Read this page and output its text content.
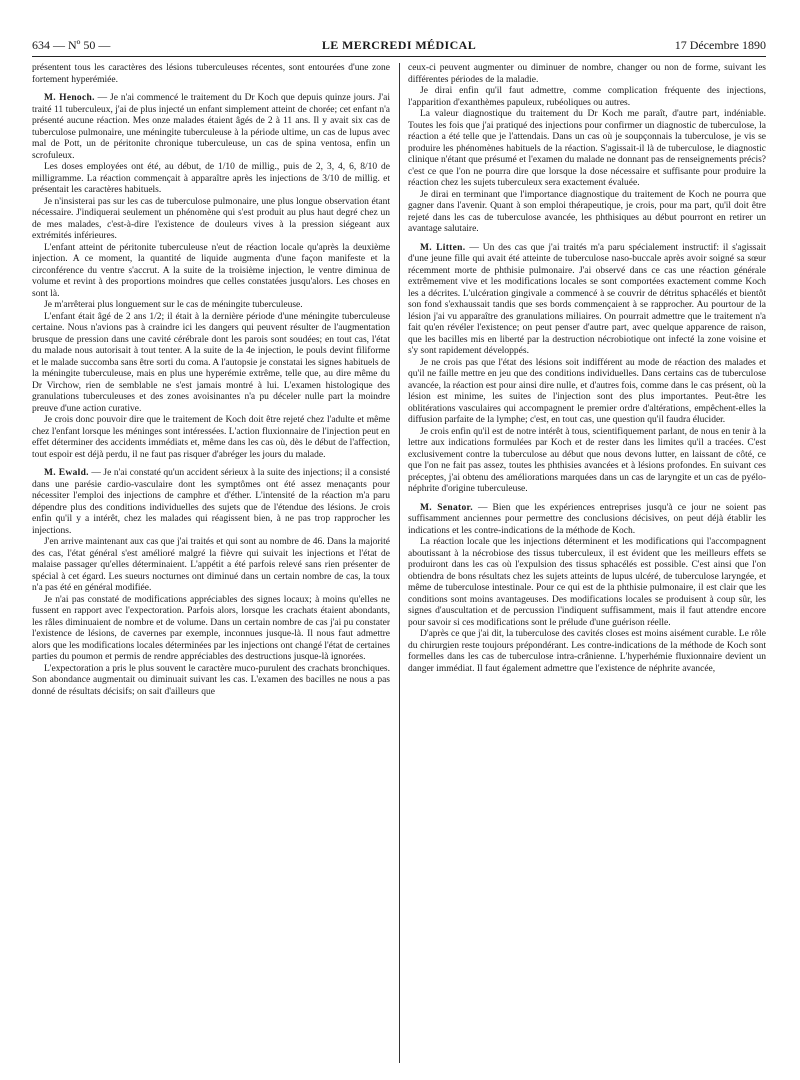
634 — Nº 50 —	LE MERCREDI MÉDICAL	17 Décembre 1890

présentent tous les caractères des lésions tuberculeuses récentes, sont entourées d'une zone fortement hyperémiée.

M. Henoch. — Je n'ai commencé le traitement du Dr Koch que depuis quinze jours. J'ai traité 11 tuberculeux, j'ai de plus injecté un enfant simplement atteint de chorée; cet enfant n'a présenté aucune réaction. Mes onze malades étaient âgés de 2 à 11 ans. Il y avait six cas de tuberculose pulmonaire, une méningite tuberculeuse à la période ultime, un cas de lupus avec mal de Pott, un de péritonite chronique tuberculeuse, un cas de spina ventosa, enfin un scrofuleux.

Les doses employées ont été, au début, de 1/10 de millig., puis de 2, 3, 4, 6, 8/10 de milligramme. La réaction commençait à apparaître après les injections de 3/10 de millig. et présentait les caractères habituels.

Je n'insisterai pas sur les cas de tuberculose pulmonaire, une plus longue observation étant nécessaire. J'indiquerai seulement un phénomène qui s'est produit au plus haut degré chez un de mes malades, c'est-à-dire l'existence de douleurs vives à la pression siégeant aux extrémités inférieures.

L'enfant atteint de péritonite tuberculeuse n'eut de réaction locale qu'après la deuxième injection. A ce moment, la quantité de liquide augmenta d'une façon manifeste et la circonférence du ventre s'accrut. A la suite de la troisième injection, le ventre diminua de volume et revint à des proportions moindres que celles constatées jusqu'alors. Les choses en sont là.

Je m'arrêterai plus longuement sur le cas de méningite tuberculeuse.

L'enfant était âgé de 2 ans 1/2; il était à la dernière période d'une méningite tuberculeuse certaine. Nous n'avions pas à craindre ici les dangers qui peuvent résulter de l'augmentation brusque de pression dans une cavité cérébrale dont les parois sont soudées; en tout cas, l'état du malade nous autorisait à tout tenter. A la suite de la 4e injection, le pouls devint filiforme et le malade succomba sans être sorti du coma. A l'autopsie je constatai les signes habituels de la méningite tuberculeuse, mais en plus une hyperémie extrême, telle que, au dire même du Dr Virchow, rien de semblable ne s'est jamais montré à lui. L'examen histologique des granulations tuberculeuses et des zones avoisinantes n'a pu déceler nulle part la moindre preuve d'une action curative.

Je crois donc pouvoir dire que le traitement de Koch doit être rejeté chez l'adulte et même chez l'enfant lorsque les méninges sont intéressées. L'action fluxionnaire de l'injection peut en effet déterminer des accidents immédiats et, même dans les cas où, dès le début de l'affection, tout espoir est déjà perdu, il ne faut pas risquer d'abréger les jours du malade.

M. Ewald. — Je n'ai constaté qu'un accident sérieux à la suite des injections; il a consisté dans une parésie cardio-vasculaire dont les symptômes ont été assez menaçants pour nécessiter l'emploi des injections de camphre et d'éther. L'intensité de la réaction m'a paru dépendre plus des conditions individuelles des sujets que de l'étendue des lésions. Je crois enfin qu'il y a intérêt, chez les malades qui réagissent bien, à ne pas trop rapprocher les injections.

J'en arrive maintenant aux cas que j'ai traités et qui sont au nombre de 46. Dans la majorité des cas, l'état général s'est amélioré malgré la fièvre qui suivait les injections et l'état de malaise passager qu'elles déterminaient. L'appétit a été parfois relevé sans rien présenter de spécial à cet égard. Les sueurs nocturnes ont diminué dans un certain nombre de cas, la toux n'a pas été en général modifiée.

Je n'ai pas constaté de modifications appréciables des signes locaux; à moins qu'elles ne fussent en rapport avec l'expectoration. Parfois alors, lorsque les crachats étaient abondants, les râles diminuaient de nombre et de volume. Dans un certain nombre de cas j'ai pu constater l'existence de lésions, de cavernes par exemple, inconnues jusque-là. Il nous faut admettre alors que les modifications locales déterminées par les injections ont changé l'état de certaines parties du poumon et permis de rendre appréciables des destructions jusque-là ignorées.

L'expectoration a pris le plus souvent le caractère muco-purulent des crachats bronchiques. Son abondance augmentait ou diminuait suivant les cas. L'examen des bacilles ne nous a pas donné de résultats décisifs; on sait d'ailleurs que

ceux-ci peuvent augmenter ou diminuer de nombre, changer ou non de forme, suivant les différentes périodes de la maladie.

Je dirai enfin qu'il faut admettre, comme complication fréquente des injections, l'apparition d'exanthèmes papuleux, rubéoliques ou autres.

La valeur diagnostique du traitement du Dr Koch me paraît, d'autre part, indéniable. Toutes les fois que j'ai pratiqué des injections pour confirmer un diagnostic de tuberculose, la réaction a été telle que je l'attendais. Dans un cas où je soupçonnais la tuberculose, je vis se produire les phénomènes habituels de la réaction. S'agissait-il là de tuberculose, le diagnostic clinique n'étant que présumé et l'examen du malade ne donnant pas de renseignements précis? c'est ce que l'on ne pourra dire que lorsque la dose nécessaire et suffisante pour produire la réaction chez les sujets tuberculeux sera exactement évaluée.

Je dirai en terminant que l'importance diagnostique du traitement de Koch ne pourra que gagner dans l'avenir. Quant à son emploi thérapeutique, je crois, pour ma part, qu'il doit être rejeté dans les cas de tuberculose avancée, les phthisiques au début pourront en retirer un avantage salutaire.

M. Litten. — Un des cas que j'ai traités m'a paru spécialement instructif: il s'agissait d'une jeune fille qui avait été atteinte de tuberculose naso-buccale après avoir soigné sa sœur récemment morte de phthisie pulmonaire. J'ai observé dans ce cas une réaction générale extrêmement vive et les modifications locales se sont comportées exactement comme Koch les a décrites. L'ulcération gingivale a commencé à se couvrir de détritus sphacélés et bientôt son fond s'exhaussait tandis que ses bords commençaient à se rapprocher. Au pourtour de la lésion j'ai vu apparaître des granulations miliaires. On pourrait admettre que le traitement n'a fait qu'en révéler l'existence; on peut penser d'autre part, avec quelque apparence de raison, que les bacilles mis en liberté par la destruction nécrobiotique ont infecté la zone voisine et s'y sont rapidement développés.

Je ne crois pas que l'état des lésions soit indifférent au mode de réaction des malades et qu'il ne faille mettre en jeu que des conditions individuelles. Dans certains cas de tuberculose avancée, la réaction est pour ainsi dire nulle, et d'autres fois, comme dans le cas présent, où la lésion est minime, les suites de l'injection sont des plus importantes. Peut-être les oblitérations vasculaires qui accompagnent le premier ordre d'altérations, empêchent-elles la diffusion parfaite de la lymphe; c'est, en tout cas, une question qu'il faudra élucider.

Je crois enfin qu'il est de notre intérêt à tous, scientifiquement parlant, de nous en tenir à la lettre aux indications formulées par Koch et de rester dans les limites qu'il a tracées. C'est exclusivement contre la tuberculose au début que nous devons lutter, en laissant de côté, ce que l'on ne fait pas assez, toutes les phthisies avancées et à lésions profondes. En suivant ces préceptes, j'ai obtenu des améliorations marquées dans un cas de laryngite et un cas de pyélo-néphrite d'origine tuberculeuse.

M. Senator. — Bien que les expériences entreprises jusqu'à ce jour ne soient pas suffisamment anciennes pour permettre des conclusions décisives, on peut déjà établir les indications et les contre-indications de la méthode de Koch.

La réaction locale que les injections déterminent et les modifications qui l'accompagnent aboutissant à la nécrobiose des tissus tuberculeux, il est évident que les meilleurs effets se produiront dans les cas où l'expulsion des tissus sphacélés est possible. C'est ainsi que l'on obtiendra de bons résultats chez les sujets atteints de lupus ulcéré, de tuberculose laryngée, et même de tuberculose intestinale. Pour ce qui est de la phthisie pulmonaire, il est clair que les conditions sont moins avantageuses. Des modifications locales se produisent à coup sûr, les signes d'auscultation et de percussion l'indiquent suffisamment, mais il faut attendre encore pour savoir si ces modifications sont le prélude d'une guérison réelle.

D'après ce que j'ai dit, la tuberculose des cavités closes est moins aisément curable. Le rôle du chirurgien reste toujours prépondérant. Les contre-indications de la méthode de Koch sont formelles dans les cas de tuberculose intra-crânienne. L'hyperhémie fluxionnaire devient un danger immédiat. Il faut également admettre que l'existence de néphrite avancée,
